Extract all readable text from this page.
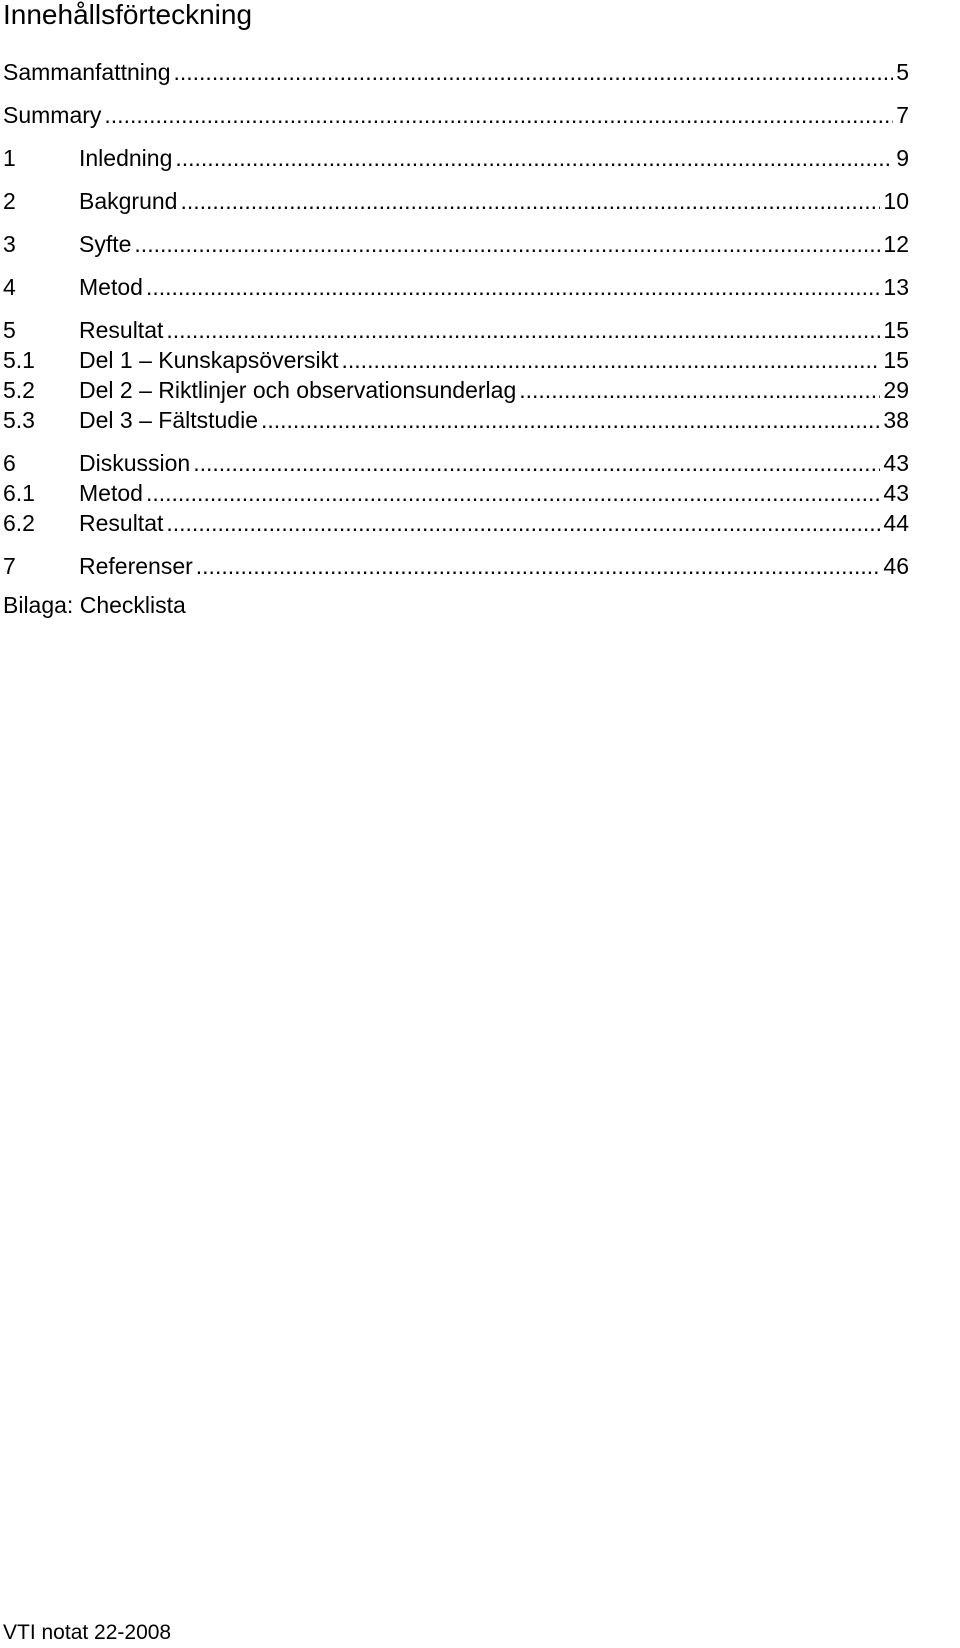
Innehållsförteckning
Sammanfattning .....	5
Summary .....	7
1	Inledning .....	9
2	Bakgrund .....	10
3	Syfte .....	12
4	Metod .....	13
5	Resultat .....	15
5.1	Del 1 – Kunskapsöversikt .....	15
5.2	Del 2 – Riktlinjer och observationsunderlag .....	29
5.3	Del 3 – Fältstudie .....	38
6	Diskussion .....	43
6.1	Metod .....	43
6.2	Resultat .....	44
7	Referenser .....	46
Bilaga: Checklista
VTI notat 22-2008
